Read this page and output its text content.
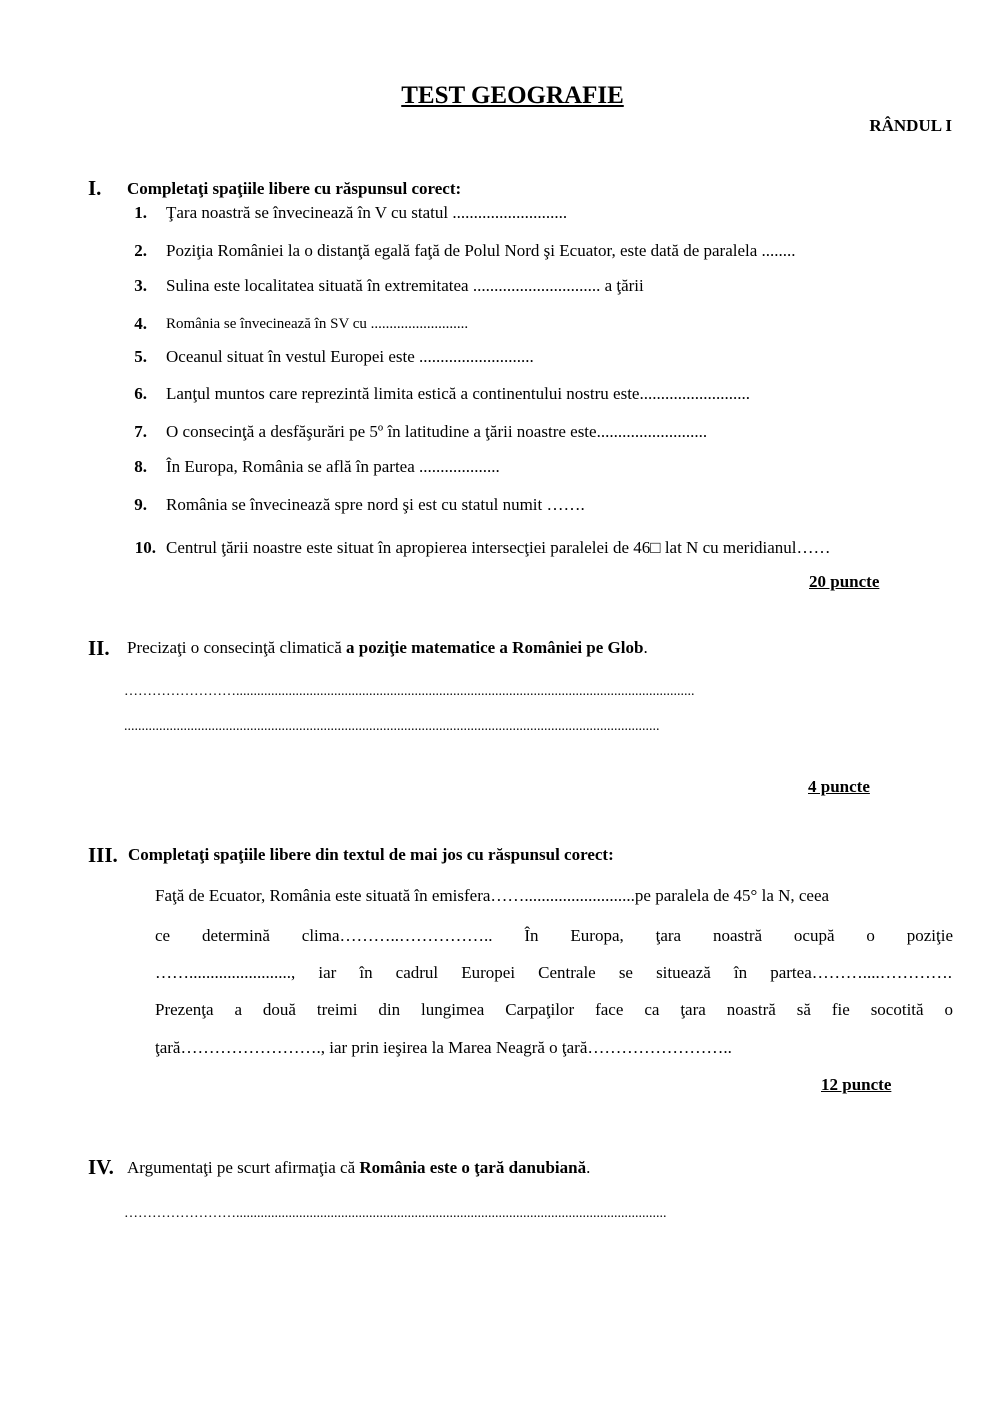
TEST GEOGRAFIE
RÂNDUL I
I. Completaţi spaţiile libere cu răspunsul corect:
1. Ţara noastră se învecinează în V cu statul ...........................
2. Poziţia României la o distanţă egală faţă de Polul Nord şi Ecuator, este dată de paralela ........
3. Sulina este localitatea situată în extremitatea .............................. a ţării
4. România se învecinează în SV cu ..........................
5. Oceanul situat în vestul Europei este ...........................
6. Lanţul muntos care reprezintă limita estică a continentului nostru este..........................
7. O consecinţă a desfăşurări pe 5º în latitudine a ţării noastre este..........................
8. În Europa, România se află în partea ...................
9. România se învecinează spre nord şi est cu statul numit …….
10. Centrul ţării noastre este situat în apropierea intersecţiei paralelei de 46□ lat N cu meridianul……
20 puncte
II. Precizaţi o consecinţă climatică a poziţie matematice a României pe Glob.
……………………...................................................................................................................................
.........................................................................................................................................................
4 puncte
III. Completaţi spaţiile libere din textul de mai jos cu răspunsul corect:
Faţă de Ecuator, România este situată în emisfera……..........................pe paralela de 45° la N, ceea
ce determină clima………..…………….. În Europa, ţara noastră ocupă o poziţie
……........................, iar în cadrul Europei Centrale se situează în partea………....………….
Prezenţa a două treimi din lungimea Carpaţilor face ca ţara noastră să fie socotită o
ţară……………………., iar prin ieşirea la Marea Neagră o ţară……………………..
12 puncte
IV. Argumentaţi pe scurt afirmaţia că România este o ţară danubiană.
……………………...........................................................................................................................
